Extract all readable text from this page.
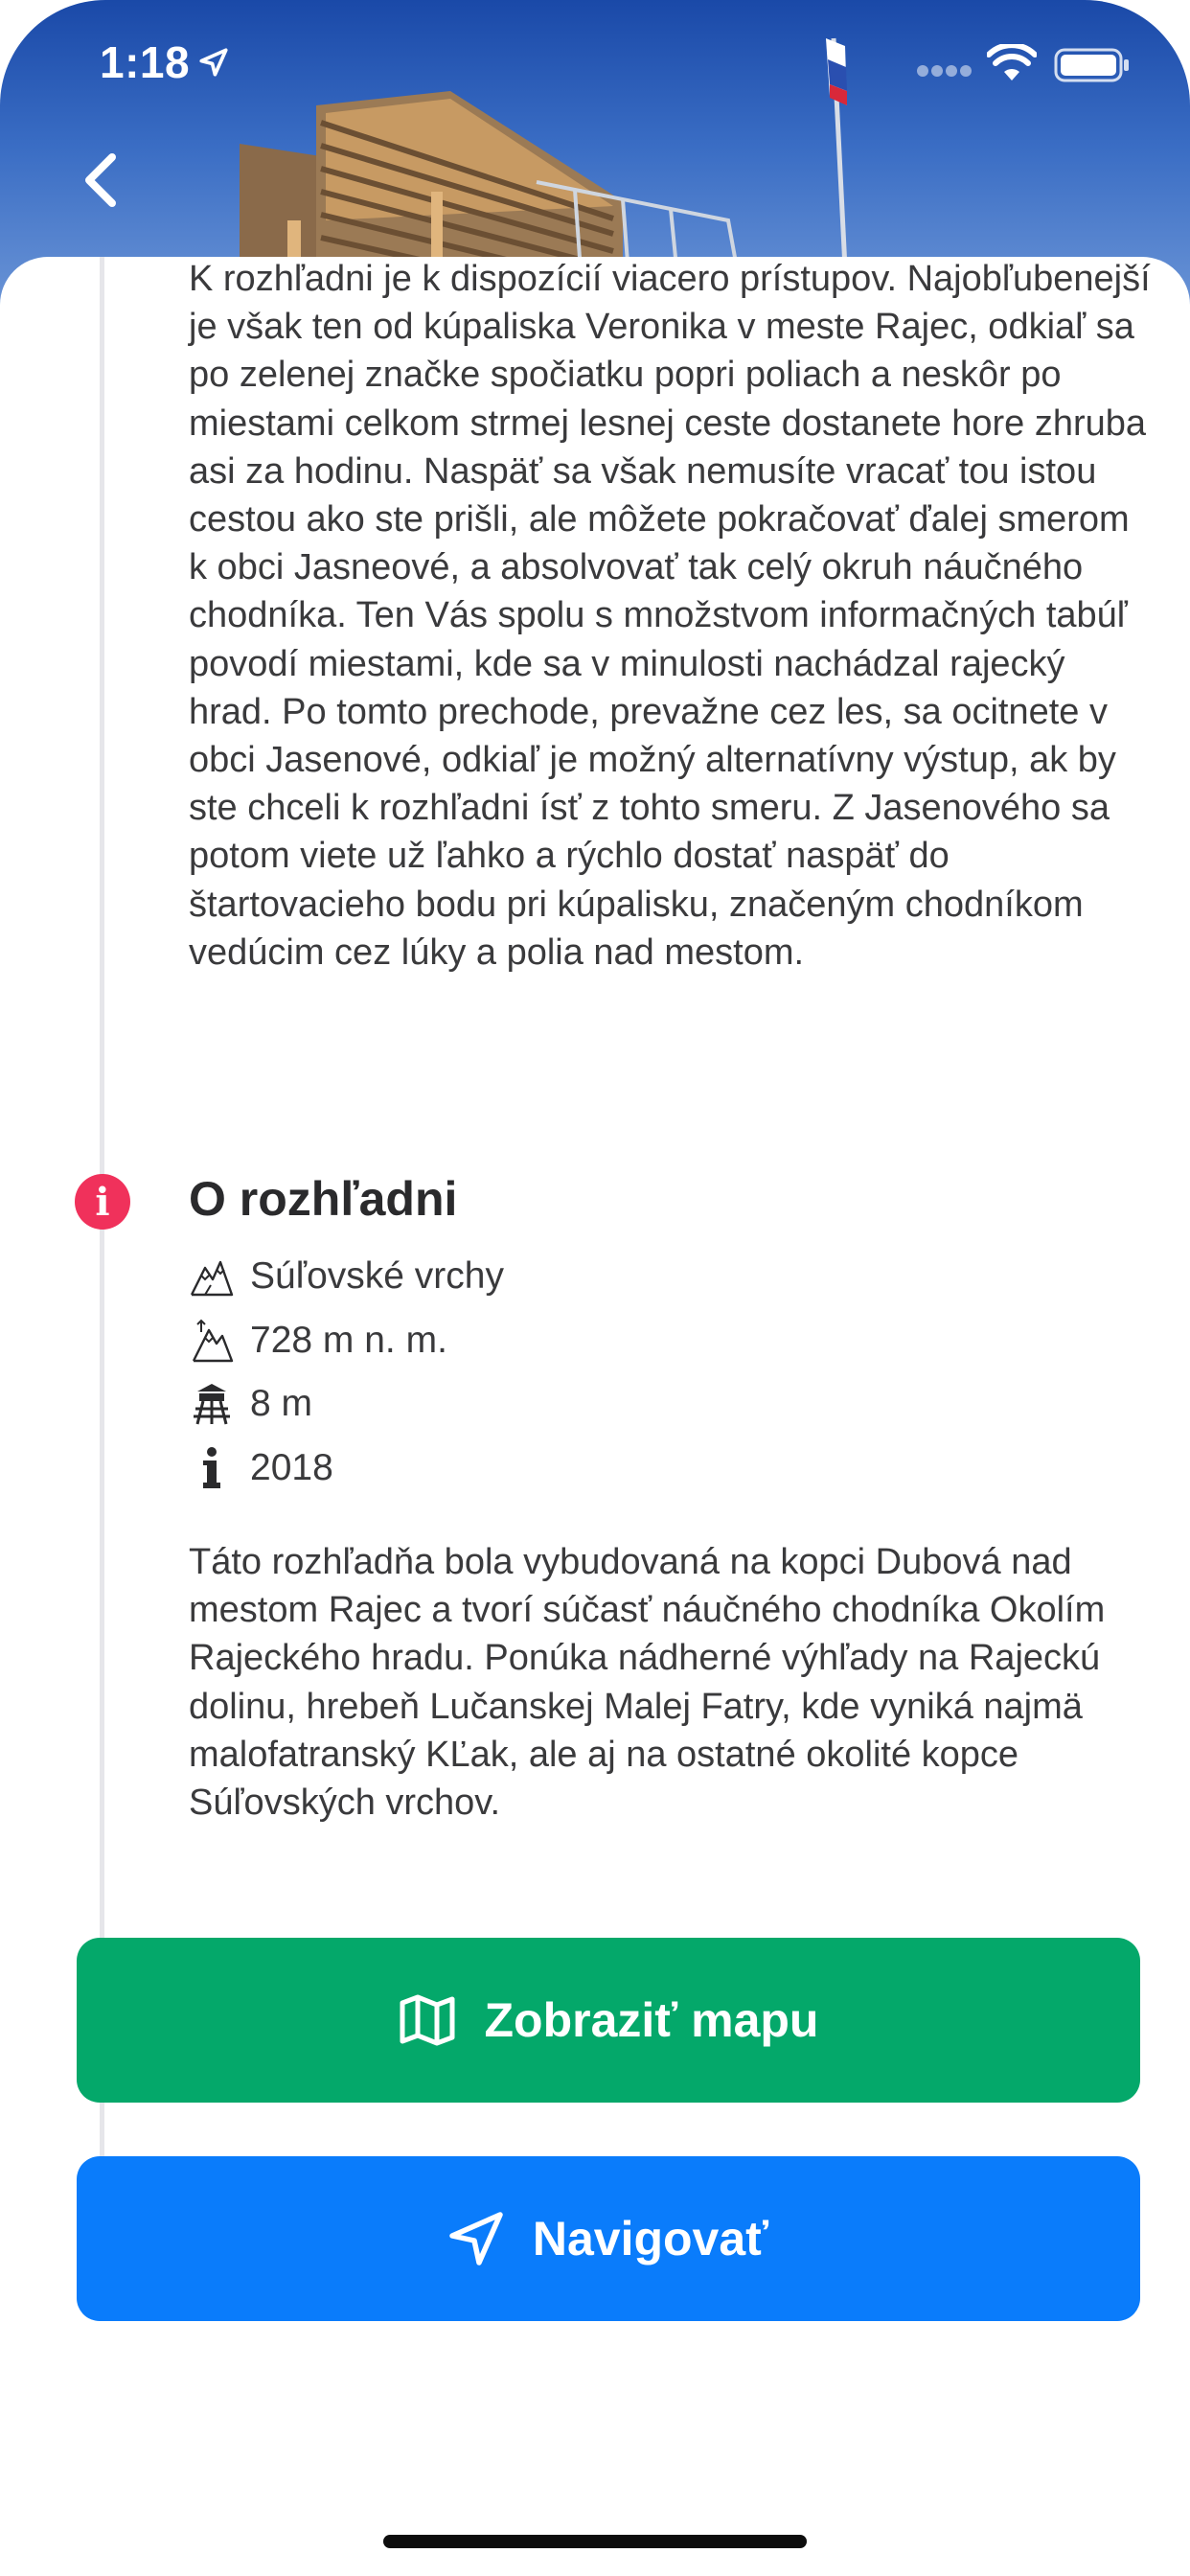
1:18

K rozhľadni je k dispozícií viacero prístupov. Najobľubenejší je však ten od kúpaliska Veronika v meste Rajec, odkiaľ sa po zelenej značke spočiatku popri poliach a neskôr po miestami celkom strmej lesnej ceste dostanete hore zhruba asi za hodinu. Naspäť sa však nemusíte vracať tou istou cestou ako ste prišli, ale môžete pokračovať ďalej smerom k obci Jasneové, a absolvovať tak celý okruh náučného chodníka. Ten Vás spolu s množstvom informačných tabúľ povodí miestami, kde sa v minulosti nachádzal rajecký hrad. Po tomto prechode, prevažne cez les, sa ocitnete v obci Jasenové, odkiaľ je možný alternatívny výstup, ak by ste chceli k rozhľadni ísť z tohto smeru. Z Jasenového sa potom viete už ľahko a rýchlo dostať naspäť do štartovacieho bodu pri kúpalisku, značeným chodníkom vedúcim cez lúky a polia nad mestom.

i	O rozhľadni
Súľovské vrchy
728 m n. m.
8 m
2018

Táto rozhľadňa bola vybudovaná na kopci Dubová nad mestom Rajec a tvorí súčasť náučného chodníka Okolím Rajeckého hradu. Ponúka nádherné výhľady na Rajeckú dolinu, hrebeň Lučanskej Malej Fatry, kde vyniká najmä malofatranský KĽak, ale aj na ostatné okolité kopce Súľovských vrchov.

Zobraziť mapu
Navigovať
